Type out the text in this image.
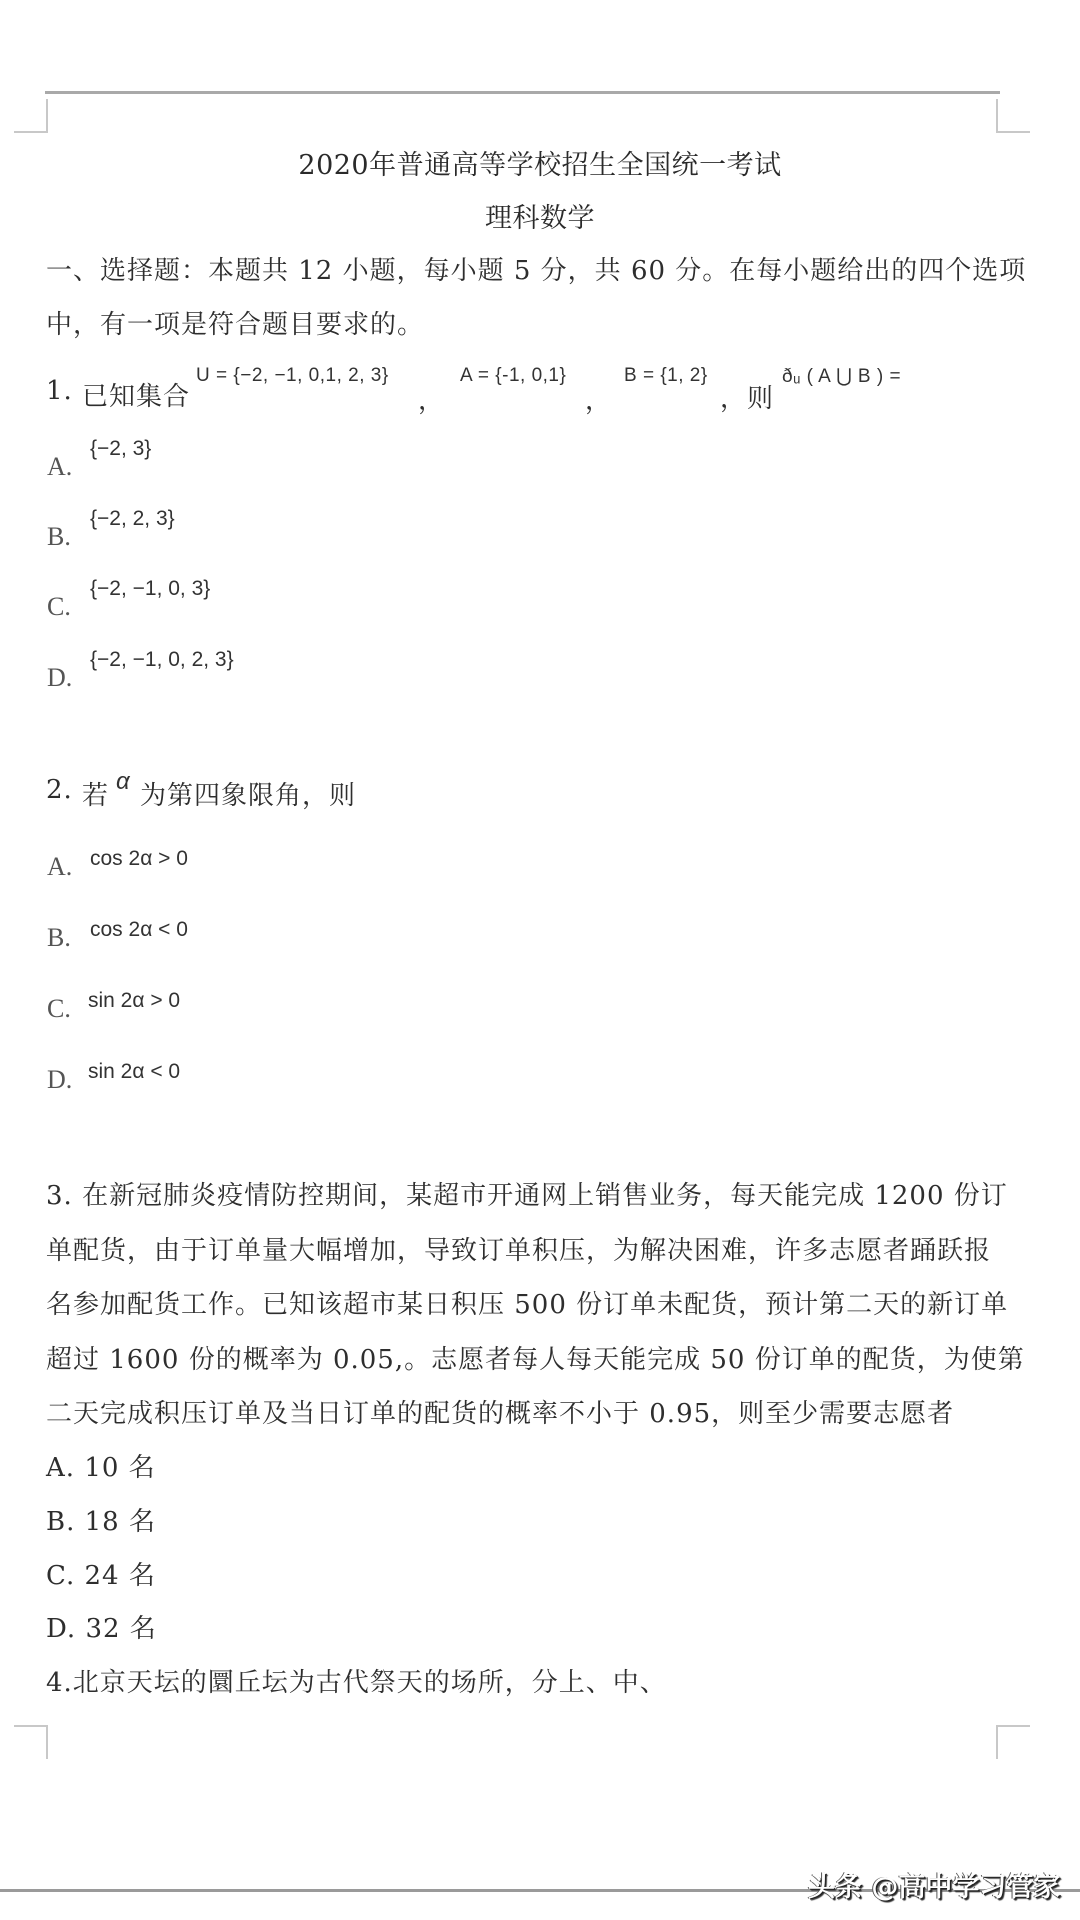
2020年普通高等学校招生全国统一考试
理科数学
一、选择题：本题共 12 小题，每小题 5 分，共 60 分。在每小题给出的四个选项
中，有一项是符合题目要求的。
1. 已知集合
U = {−2, −1, 0,1, 2, 3}
，
A = {-1, 0,1}
，
B = {1, 2}
，则
ðᵤ ( A ⋃ B ) =
A.
{−2, 3}
B.
{−2, 2, 3}
C.
{−2, −1, 0, 3}
D.
{−2, −1, 0, 2, 3}
2. 若 α 为第四象限角，则
A. cos 2α > 0
B. cos 2α < 0
C. sin 2α > 0
D. sin 2α < 0
3. 在新冠肺炎疫情防控期间，某超市开通网上销售业务，每天能完成 1200 份订
单配货，由于订单量大幅增加，导致订单积压，为解决困难，许多志愿者踊跃报
名参加配货工作。已知该超市某日积压 500 份订单未配货，预计第二天的新订单
超过 1600 份的概率为 0.05,。志愿者每人每天能完成 50 份订单的配货，为使第
二天完成积压订单及当日订单的配货的概率不小于 0.95，则至少需要志愿者
A. 10 名
B. 18 名
C. 24 名
D. 32 名
4.北京天坛的圜丘坛为古代祭天的场所，分上、中、
头条 @高中学习管家
